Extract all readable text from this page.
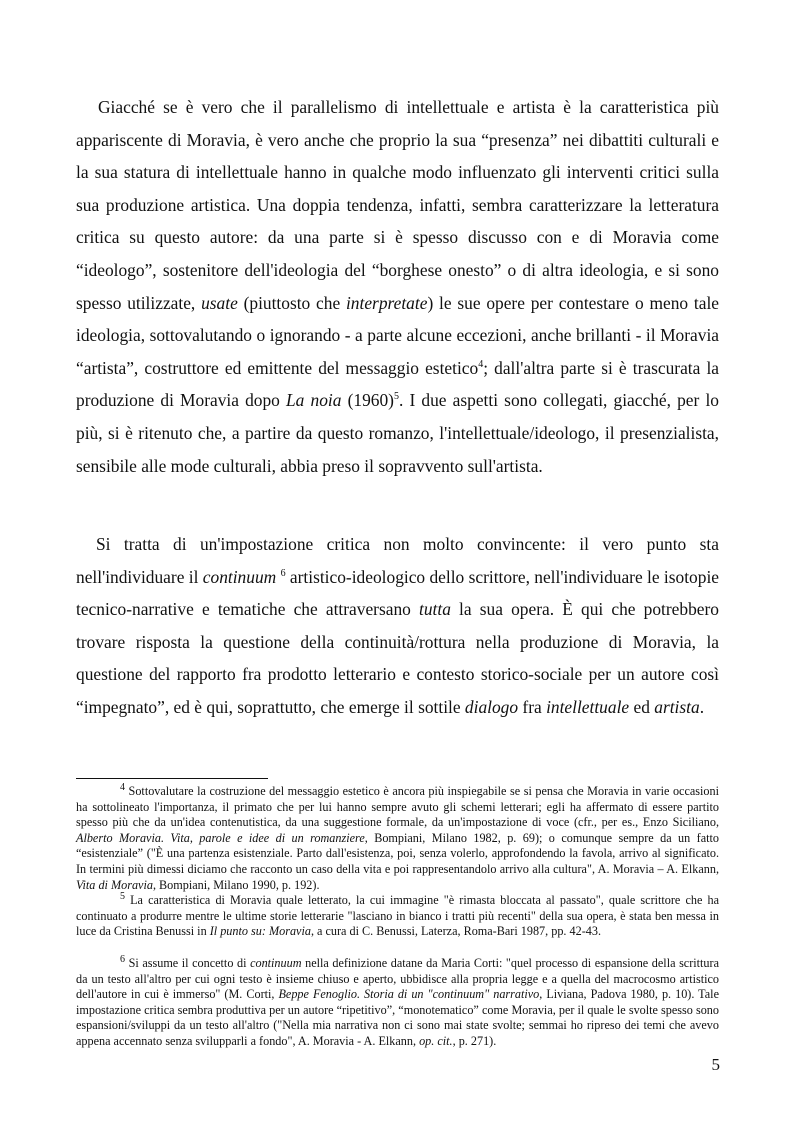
Giacché se è vero che il parallelismo di intellettuale e artista è la caratteristica più appariscente di Moravia, è vero anche che proprio la sua “presenza” nei dibattiti culturali e la sua statura di intellettuale hanno in qualche modo influenzato gli interventi critici sulla sua produzione artistica. Una doppia tendenza, infatti, sembra caratterizzare la letteratura critica su questo autore: da una parte si è spesso discusso con e di Moravia come “ideologo”, sostenitore dell'ideologia del “borghese onesto” o di altra ideologia, e si sono spesso utilizzate, usate (piuttosto che interpretate) le sue opere per contestare o meno tale ideologia, sottovalutando o ignorando - a parte alcune eccezioni, anche brillanti - il Moravia “artista”, costruttore ed emittente del messaggio estetico$^4$; dall'altra parte si è trascurata la produzione di Moravia dopo La noia $(1960)^5$. I due aspetti sono collegati, giacché, per lo più, si è ritenuto che, a partire da questo romanzo, l'intellettuale/ideologo, il presenzialista, sensibile alle mode culturali, abbia preso il sopravvento sull'artista.

Si tratta di un'impostazione critica non molto convincente: il vero punto sta nell'individuare il continuum $^6$ artistico-ideologico dello scrittore, nell'individuare le isotopie tecnico-narrative e tematiche che attraversano tutta la sua opera. È qui che potrebbero trovare risposta la questione della continuità/rottura nella produzione di Moravia, la questione del rapporto fra prodotto letterario e contesto storico-sociale per un autore così “impegnato”, ed è qui, soprattutto, che emerge il sottile dialogo fra intellettuale ed artista.

$^4$ Sottovalutare la costruzione del messaggio estetico è ancora più inspiegabile se si pensa che Moravia in varie occasioni ha sottolineato l'importanza, il primato che per lui hanno sempre avuto gli schemi letterari; egli ha affermato di essere partito spesso più che da un'idea contenutistica, da una suggestione formale, da un'impostazione di voce (cfr., per es., Enzo Siciliano, Alberto Moravia. Vita, parole e idee di un romanziere, Bompiani, Milano 1982, p. 69); o comunque sempre da un fatto “esistenziale” ("È una partenza esistenziale. Parto dall'esistenza, poi, senza volerlo, approfondendo la favola, arrivo al significato. In termini più dimessi diciamo che racconto un caso della vita e poi rappresentandolo arrivo alla cultura", A. Moravia – A. Elkann, Vita di Moravia, Bompiani, Milano 1990, p. 192).

$^5$ La caratteristica di Moravia quale letterato, la cui immagine "è rimasta bloccata al passato", quale scrittore che ha continuato a produrre mentre le ultime storie letterarie "lasciano in bianco i tratti più recenti" della sua opera, è stata ben messa in luce da Cristina Benussi in Il punto su: Moravia, a cura di C. Benussi, Laterza, Roma-Bari 1987, pp. 42-43.

$^6$ Si assume il concetto di continuum nella definizione datane da Maria Corti: "quel processo di espansione della scrittura da un testo all'altro per cui ogni testo è insieme chiuso e aperto, ubbidisce alla propria legge e a quella del macrocosmo artistico dell'autore in cui è immerso" (M. Corti, Beppe Fenoglio. Storia di un "continuum" narrativo, Liviana, Padova 1980, p. 10). Tale impostazione critica sembra produttiva per un autore “ripetitivo”, “monotematico” come Moravia, per il quale le svolte spesso sono espansioni/sviluppi da un testo all'altro ("Nella mia narrativa non ci sono mai state svolte; semmai ho ripreso dei temi che avevo appena accennato senza svilupparli a fondo", A. Moravia - A. Elkann, op. cit., p. 271).

5
